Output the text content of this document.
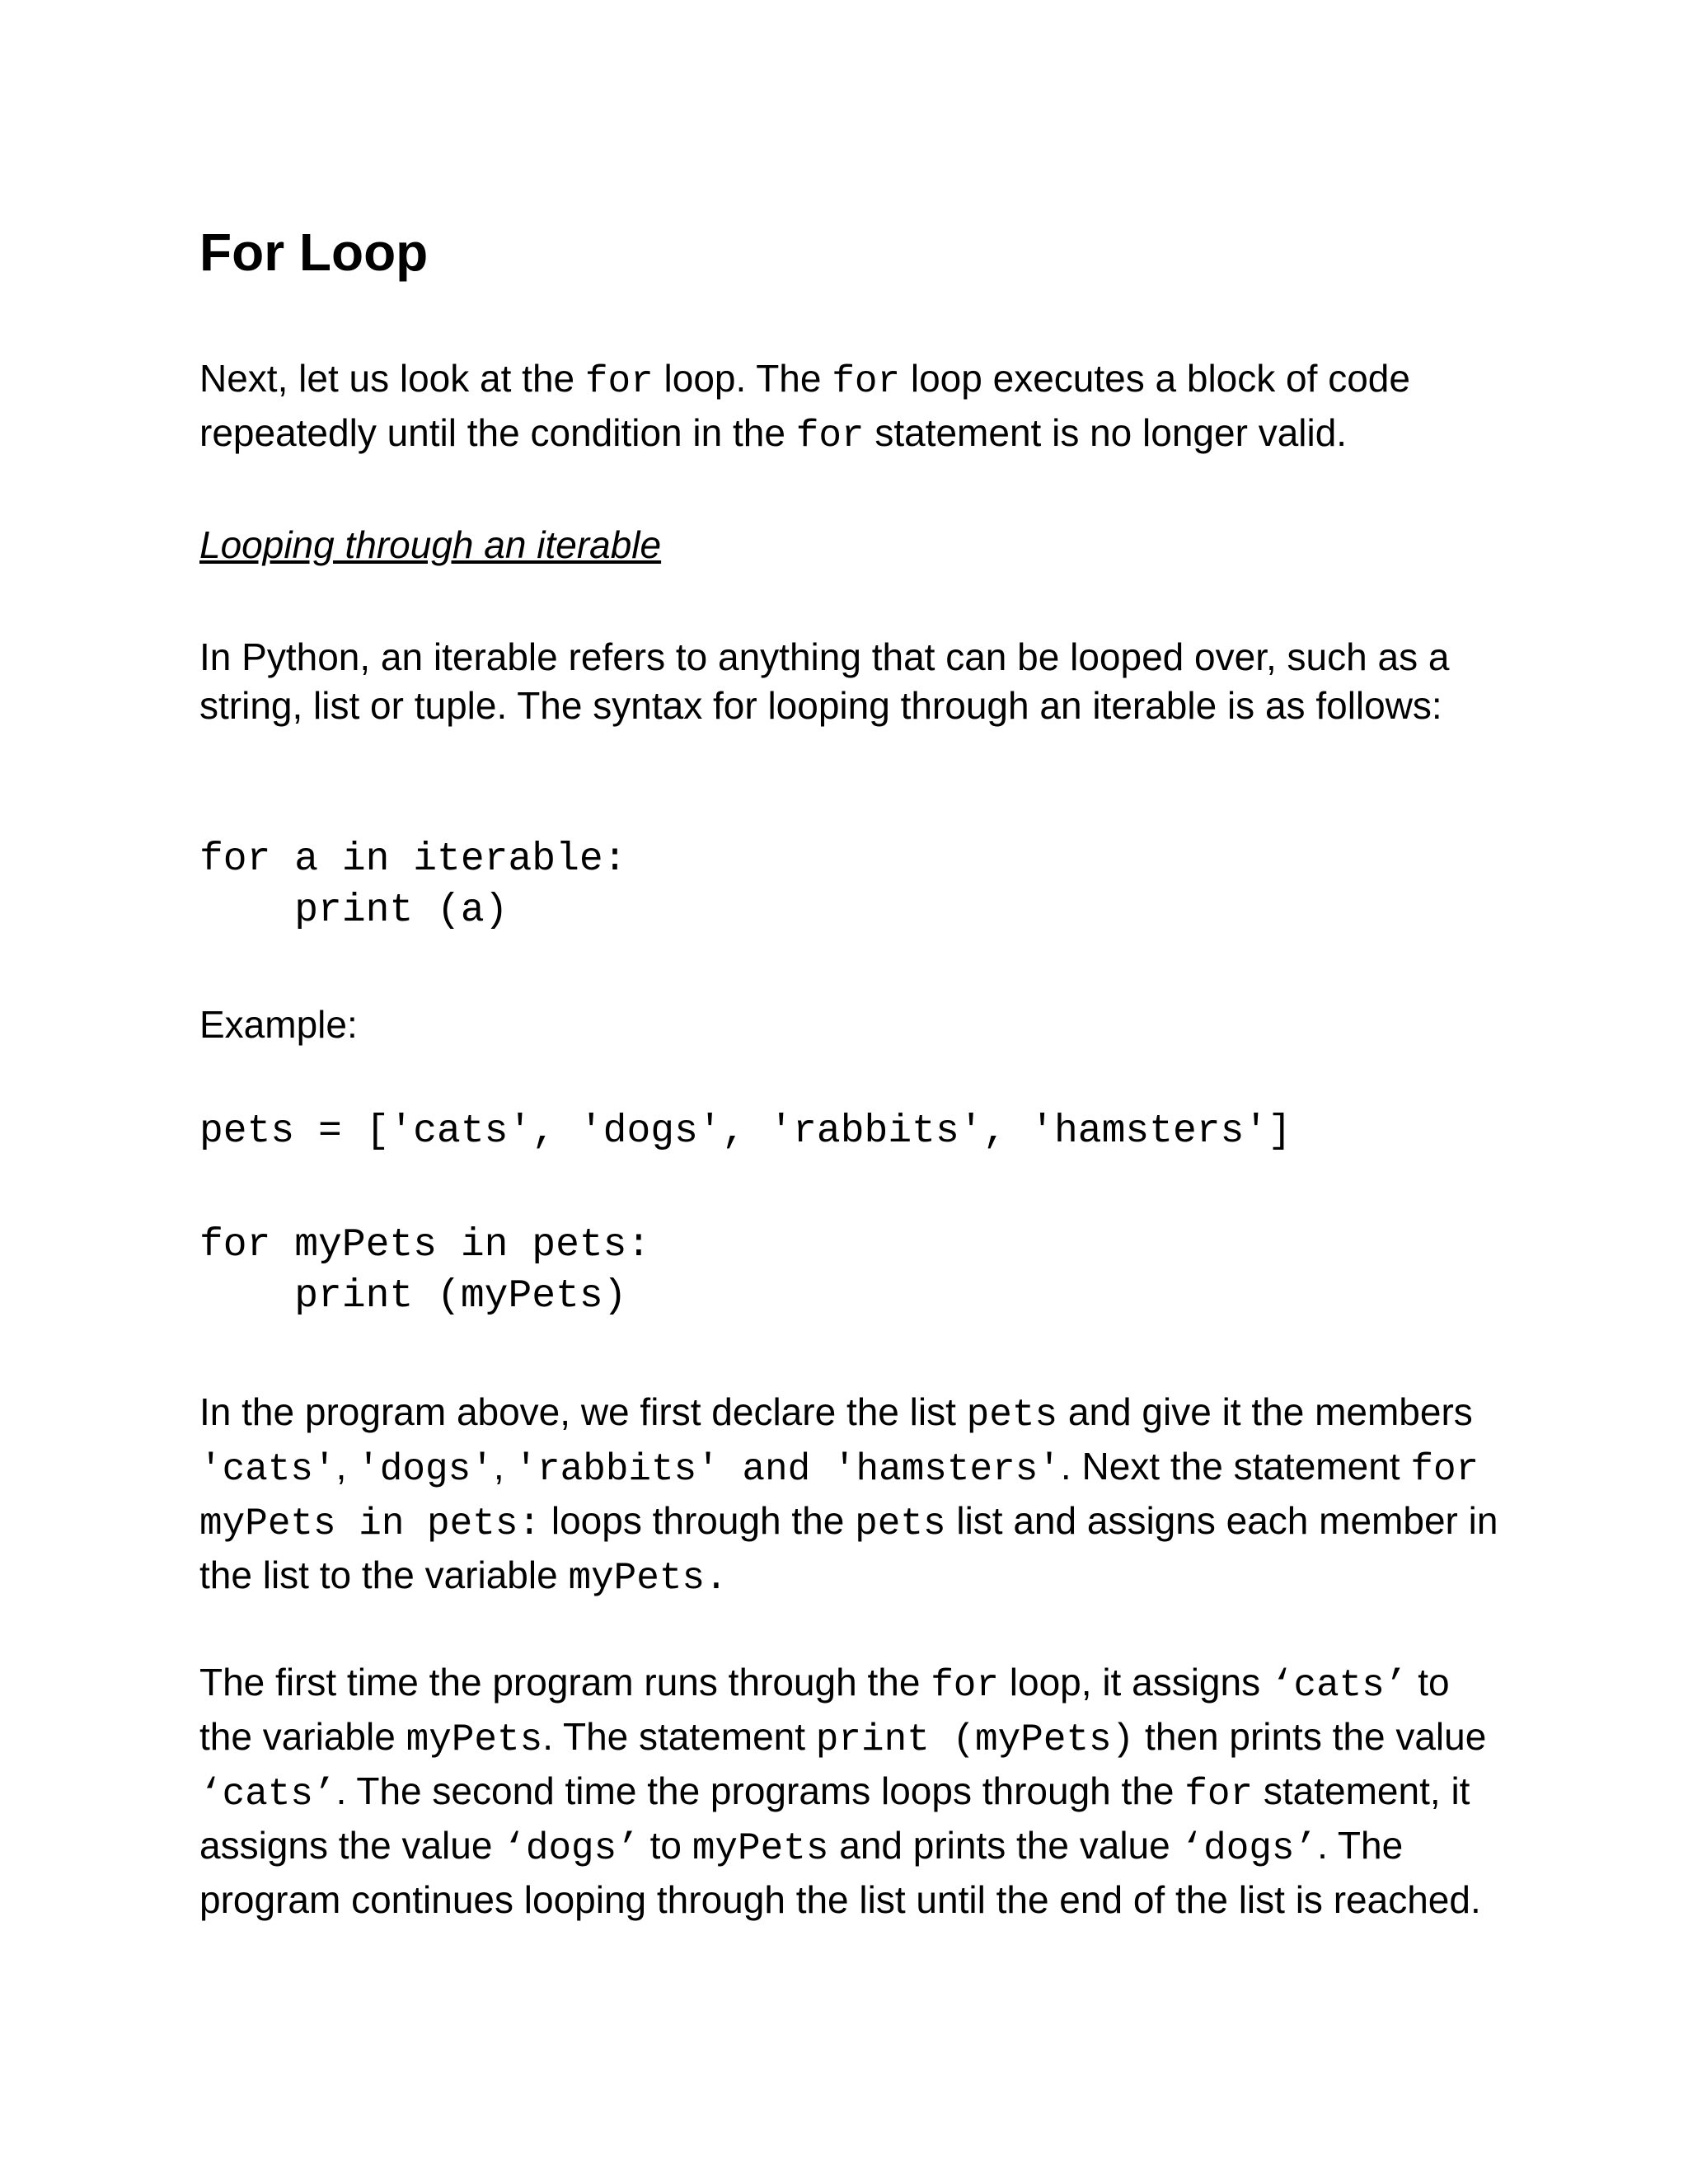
For Loop

Next, let us look at the for loop. The for loop executes a block of code repeatedly until the condition in the for statement is no longer valid.

Looping through an iterable

In Python, an iterable refers to anything that can be looped over, such as a string, list or tuple. The syntax for looping through an iterable is as follows:

for a in iterable:
print (a)

Example:

pets = ['cats', 'dogs', 'rabbits', 'hamsters']
for myPets in pets:
print (myPets)

In the program above, we first declare the list pets and give it the members 'cats', 'dogs', 'rabbits' and 'hamsters'. Next the statement for myPets in pets: loops through the pets list and assigns each member in the list to the variable myPets.

The first time the program runs through the for loop, it assigns ‘cats’ to the variable myPets. The statement print (myPets) then prints the value ‘cats’. The second time the programs loops through the for statement, it assigns the value ‘dogs’ to myPets and prints the value ‘dogs’. The program continues looping through the list until the end of the list is reached.
